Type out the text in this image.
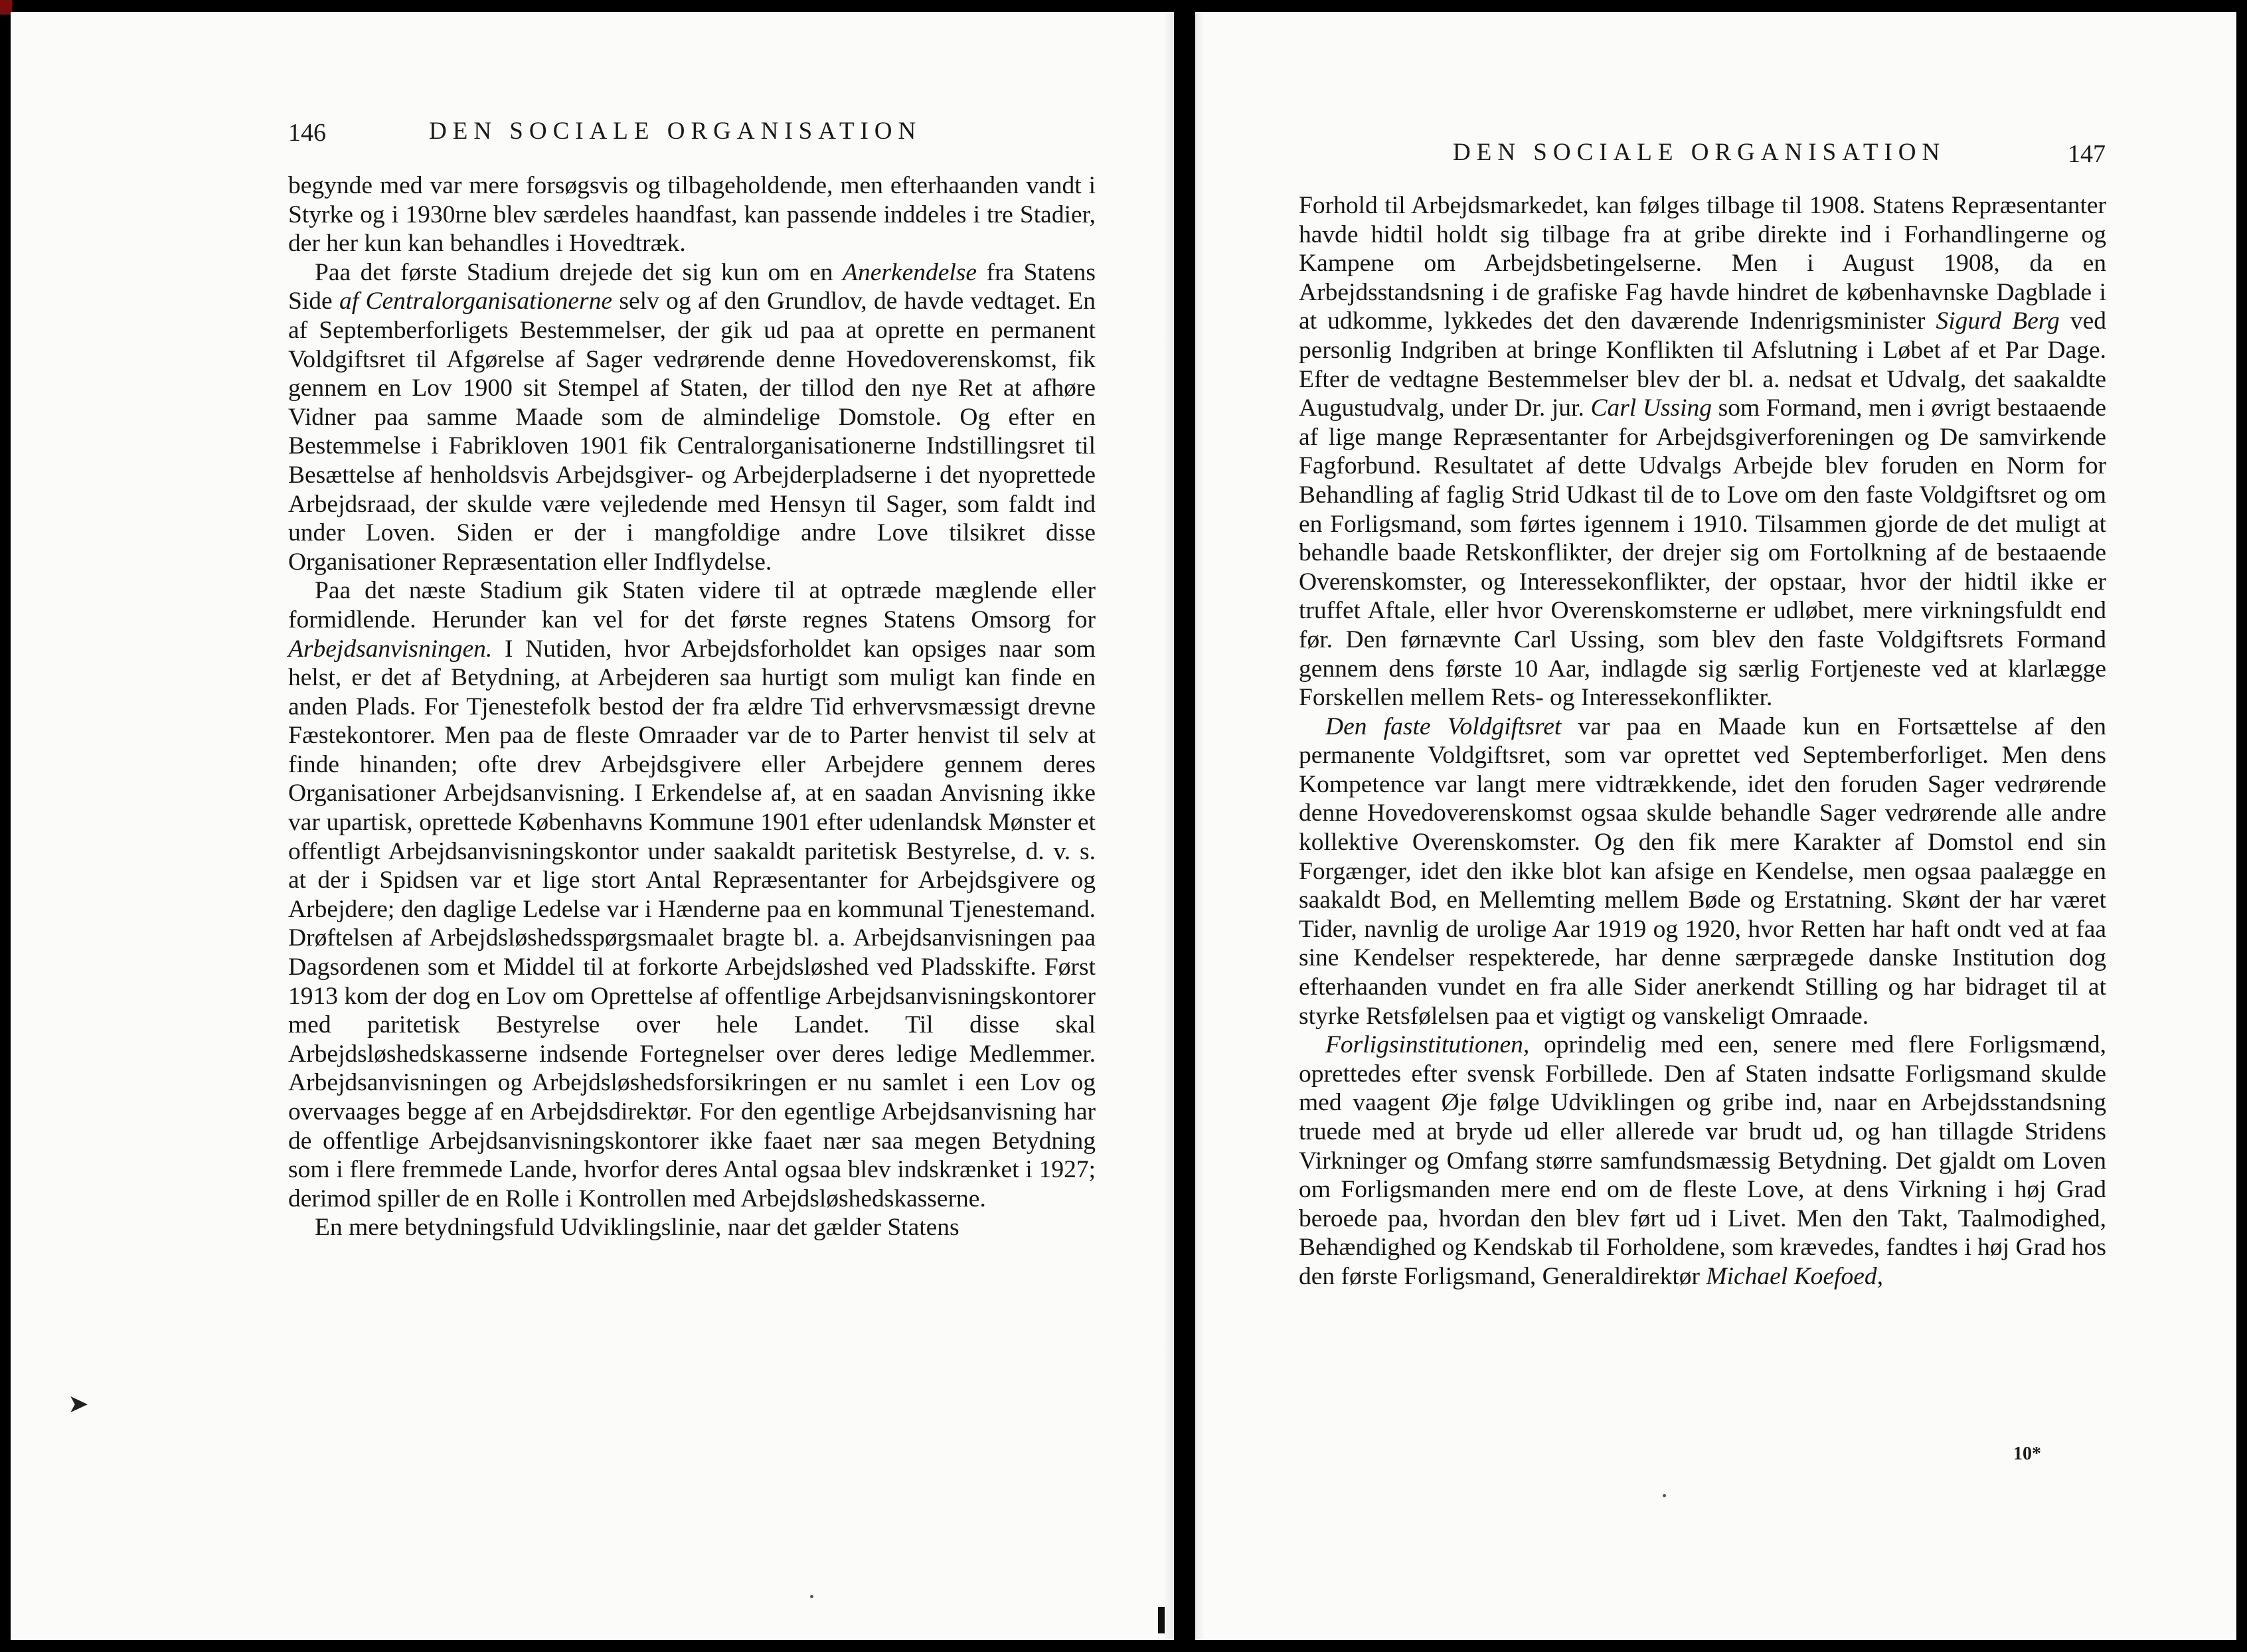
146	DEN SOCIALE ORGANISATION

begynde med var mere forsøgsvis og tilbageholdende, men efterhaanden vandt i Styrke og i 1930rne blev særdeles haandfast, kan passende inddeles i tre Stadier, der her kun kan behandles i Hovedtræk.

Paa det første Stadium drejede det sig kun om en Anerkendelse fra Statens Side af Centralorganisationerne selv og af den Grundlov, de havde vedtaget. En af Septemberforligets Bestemmelser, der gik ud paa at oprette en permanent Voldgiftsret til Afgørelse af Sager vedrørende denne Hovedoverenskomst, fik gennem en Lov 1900 sit Stempel af Staten, der tillod den nye Ret at afhøre Vidner paa samme Maade som de almindelige Domstole. Og efter en Bestemmelse i Fabrikloven 1901 fik Centralorganisationerne Indstillingsret til Besættelse af henholdsvis Arbejdsgiver- og Arbejderpladserne i det nyoprettede Arbejdsraad, der skulde være vejledende med Hensyn til Sager, som faldt ind under Loven. Siden er der i mangfoldige andre Love tilsikret disse Organisationer Repræsentation eller Indflydelse.

Paa det næste Stadium gik Staten videre til at optræde mæglende eller formidlende. Herunder kan vel for det første regnes Statens Omsorg for Arbejdsanvisningen. I Nutiden, hvor Arbejdsforholdet kan opsiges naar som helst, er det af Betydning, at Arbejderen saa hurtigt som muligt kan finde en anden Plads. For Tjenestefolk bestod der fra ældre Tid erhvervsmæssigt drevne Fæstekontorer. Men paa de fleste Omraader var de to Parter henvist til selv at finde hinanden; ofte drev Arbejdsgivere eller Arbejdere gennem deres Organisationer Arbejdsanvisning. I Erkendelse af, at en saadan Anvisning ikke var upartisk, oprettede Københavns Kommune 1901 efter udenlandsk Mønster et offentligt Arbejdsanvisningskontor under saakaldt paritetisk Bestyrelse, d. v. s. at der i Spidsen var et lige stort Antal Repræsentanter for Arbejdsgivere og Arbejdere; den daglige Ledelse var i Hænderne paa en kommunal Tjenestemand. Drøftelsen af Arbejdsløshedsspørgsmaalet bragte bl. a. Arbejdsanvisningen paa Dagsordenen som et Middel til at forkorte Arbejdsløshed ved Pladsskifte. Først 1913 kom der dog en Lov om Oprettelse af offentlige Arbejdsanvisningskontorer med paritetisk Bestyrelse over hele Landet. Til disse skal Arbejdsløshedskasserne indsende Fortegnelser over deres ledige Medlemmer. Arbejdsanvisningen og Arbejdsløshedsforsikringen er nu samlet i een Lov og overvaages begge af en Arbejdsdirektør. For den egentlige Arbejdsanvisning har de offentlige Arbejdsanvisningskontorer ikke faaet nær saa megen Betydning som i flere fremmede Lande, hvorfor deres Antal ogsaa blev indskrænket i 1927; derimod spiller de en Rolle i Kontrollen med Arbejdsløshedskasserne.

En mere betydningsfuld Udviklingslinie, naar det gælder Statens

➤
DEN SOCIALE ORGANISATION	147

Forhold til Arbejdsmarkedet, kan følges tilbage til 1908. Statens Repræsentanter havde hidtil holdt sig tilbage fra at gribe direkte ind i Forhandlingerne og Kampene om Arbejdsbetingelserne. Men i August 1908, da en Arbejdsstandsning i de grafiske Fag havde hindret de københavnske Dagblade i at udkomme, lykkedes det den daværende Indenrigsminister Sigurd Berg ved personlig Indgriben at bringe Konflikten til Afslutning i Løbet af et Par Dage. Efter de vedtagne Bestemmelser blev der bl. a. nedsat et Udvalg, det saakaldte Augustudvalg, under Dr. jur. Carl Ussing som Formand, men i øvrigt bestaaende af lige mange Repræsentanter for Arbejdsgiverforeningen og De samvirkende Fagforbund. Resultatet af dette Udvalgs Arbejde blev foruden en Norm for Behandling af faglig Strid Udkast til de to Love om den faste Voldgiftsret og om en Forligsmand, som førtes igennem i 1910. Tilsammen gjorde de det muligt at behandle baade Retskonflikter, der drejer sig om Fortolkning af de bestaaende Overenskomster, og Interessekonflikter, der opstaar, hvor der hidtil ikke er truffet Aftale, eller hvor Overenskomsterne er udløbet, mere virkningsfuldt end før. Den førnævnte Carl Ussing, som blev den faste Voldgiftsrets Formand gennem dens første 10 Aar, indlagde sig særlig Fortjeneste ved at klarlægge Forskellen mellem Rets- og Interessekonflikter.

Den faste Voldgiftsret var paa en Maade kun en Fortsættelse af den permanente Voldgiftsret, som var oprettet ved Septemberforliget. Men dens Kompetence var langt mere vidtrækkende, idet den foruden Sager vedrørende denne Hovedoverenskomst ogsaa skulde behandle Sager vedrørende alle andre kollektive Overenskomster. Og den fik mere Karakter af Domstol end sin Forgænger, idet den ikke blot kan afsige en Kendelse, men ogsaa paalægge en saakaldt Bod, en Mellemting mellem Bøde og Erstatning. Skønt der har været Tider, navnlig de urolige Aar 1919 og 1920, hvor Retten har haft ondt ved at faa sine Kendelser respekterede, har denne særprægede danske Institution dog efterhaanden vundet en fra alle Sider anerkendt Stilling og har bidraget til at styrke Retsfølelsen paa et vigtigt og vanskeligt Omraade.

Forligsinstitutionen, oprindelig med een, senere med flere Forligsmænd, oprettedes efter svensk Forbillede. Den af Staten indsatte Forligsmand skulde med vaagent Øje følge Udviklingen og gribe ind, naar en Arbejdsstandsning truede med at bryde ud eller allerede var brudt ud, og han tillagde Stridens Virkninger og Omfang større samfundsmæssig Betydning. Det gjaldt om Loven om Forligsmanden mere end om de fleste Love, at dens Virkning i høj Grad beroede paa, hvordan den blev ført ud i Livet. Men den Takt, Taalmodighed, Behændighed og Kendskab til Forholdene, som krævedes, fandtes i høj Grad hos den første Forligsmand, Generaldirektør Michael Koefoed,

10*
